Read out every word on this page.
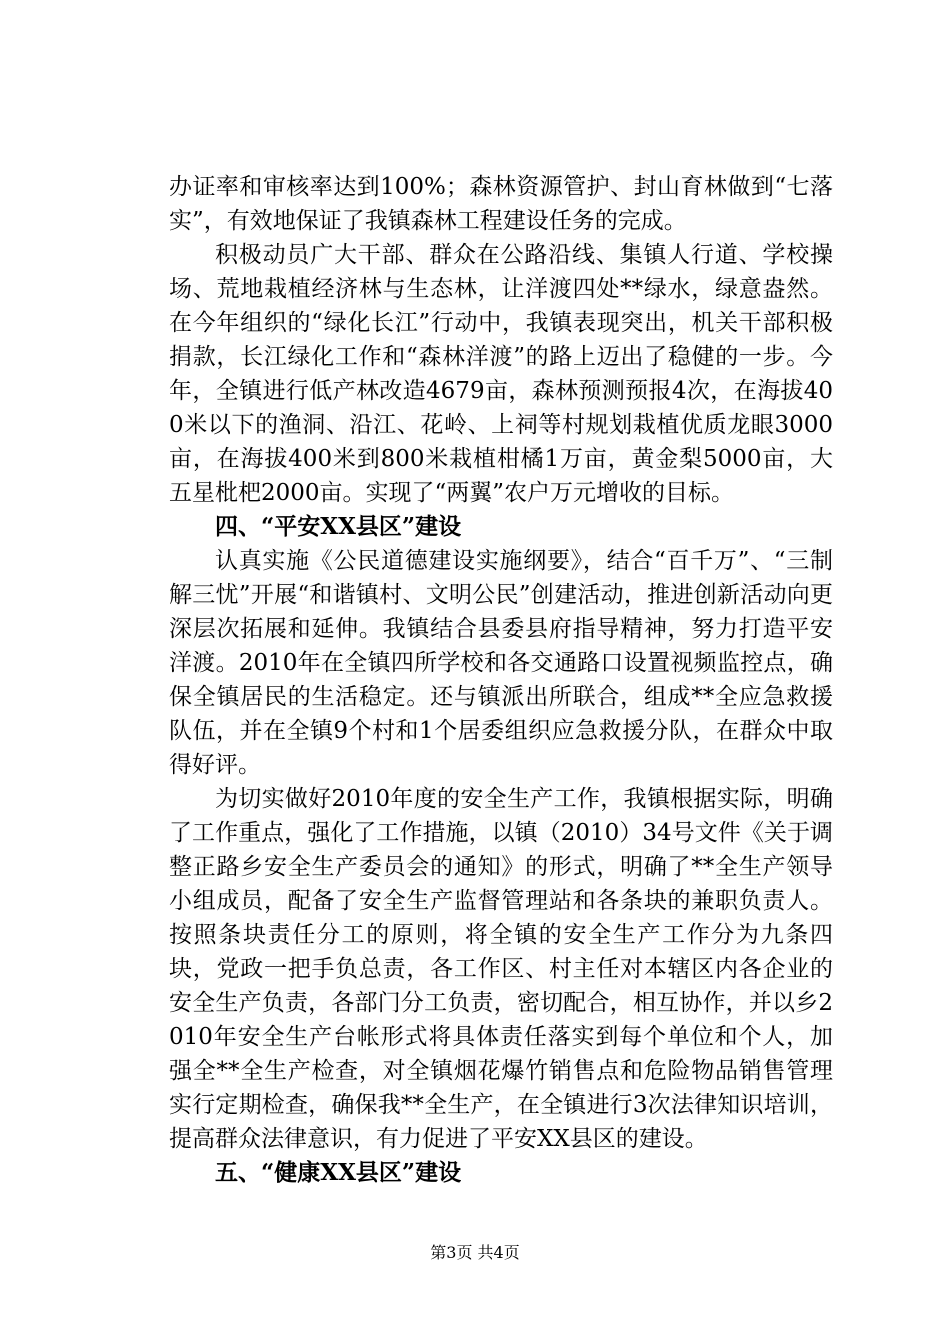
办证率和审核率达到100%；森林资源管护、封山育林做到“七落实”，有效地保证了我镇森林工程建设任务的完成。

积极动员广大干部、群众在公路沿线、集镇人行道、学校操场、荒地栽植经济林与生态林，让洋渡四处**绿水，绿意盎然。在今年组织的“绿化长江”行动中，我镇表现突出，机关干部积极捐款，长江绿化工作和“森林洋渡”的路上迈出了稳健的一步。今年，全镇进行低产林改造4679亩，森林预测预报4次，在海拔400米以下的渔洞、沿江、花岭、上祠等村规划栽植优质龙眼3000亩，在海拔400米到800米栽植柑橘1万亩，黄金梨5000亩，大五星枇杷2000亩。实现了“两翼”农户万元增收的目标。

四、“平安XX县区”建设

认真实施《公民道德建设实施纲要》，结合“百千万”、“三制解三忧”开展“和谐镇村、文明公民”创建活动，推进创新活动向更深层次拓展和延伸。我镇结合县委县府指导精神，努力打造平安洋渡。2010年在全镇四所学校和各交通路口设置视频监控点，确保全镇居民的生活稳定。还与镇派出所联合，组成**全应急救援队伍，并在全镇9个村和1个居委组织应急救援分队，在群众中取得好评。

为切实做好2010年度的安全生产工作，我镇根据实际，明确了工作重点，强化了工作措施，以镇（2010）34号文件《关于调整正路乡安全生产委员会的通知》的形式，明确了**全生产领导小组成员，配备了安全生产监督管理站和各条块的兼职负责人。按照条块责任分工的原则，将全镇的安全生产工作分为九条四块，党政一把手负总责，各工作区、村主任对本辖区内各企业的安全生产负责，各部门分工负责，密切配合，相互协作，并以乡2010年安全生产台帐形式将具体责任落实到每个单位和个人，加强全**全生产检查，对全镇烟花爆竹销售点和危险物品销售管理实行定期检查，确保我**全生产，在全镇进行3次法律知识培训，提高群众法律意识，有力促进了平安XX县区的建设。

五、“健康XX县区”建设

第3页 共4页
